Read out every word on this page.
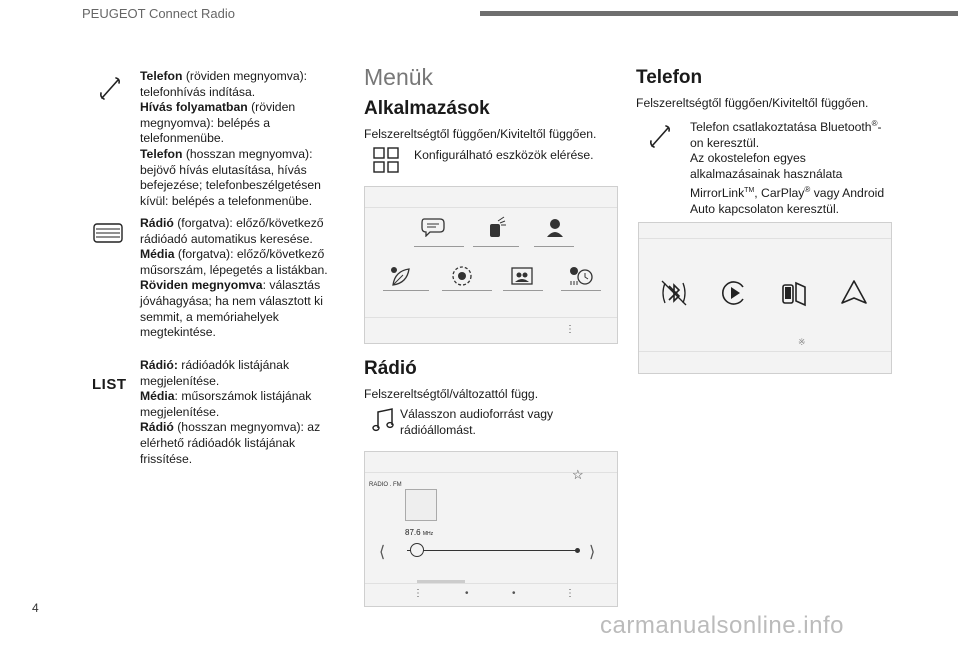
PEUGEOT Connect Radio
Telefon (röviden megnyomva): telefonhívás indítása.
Hívás folyamatban (röviden megnyomva): belépés a telefonmenübe.
Telefon (hosszan megnyomva): bejövő hívás elutasítása, hívás befejezése; telefonbeszélgetésen kívül: belépés a telefonmenübe.
Rádió (forgatva): előző/következő rádióadó automatikus keresése.
Média (forgatva): előző/következő műsorszám, lépegetés a listákban.
Röviden megnyomva: választás jóváhagyása; ha nem választott ki semmit, a memóriahelyek megtekintése.
LIST
Rádió: rádióadók listájának megjelenítése.
Média: műsorszámok listájának megjelenítése.
Rádió (hosszan megnyomva): az elérhető rádióadók listájának frissítése.
Menük
Alkalmazások
Felszereltségtől függően/Kiviteltől függően.
Konfigurálható eszközök elérése.
⋮
Rádió
Felszereltségtől/változattól függ.
Válasszon audioforrást vagy rádióállomást.
RADIO . FM
☆
87.6 MHz
⟨	⟩
⋮	•	•	⋮
Telefon
Felszereltségtől függően/Kiviteltől függően.
Telefon csatlakoztatása Bluetooth®-on keresztül.
Az okostelefon egyes alkalmazásainak használata MirrorLink™, CarPlay® vagy Android Auto kapcsolaton keresztül.
※
4
carmanualsonline.info
